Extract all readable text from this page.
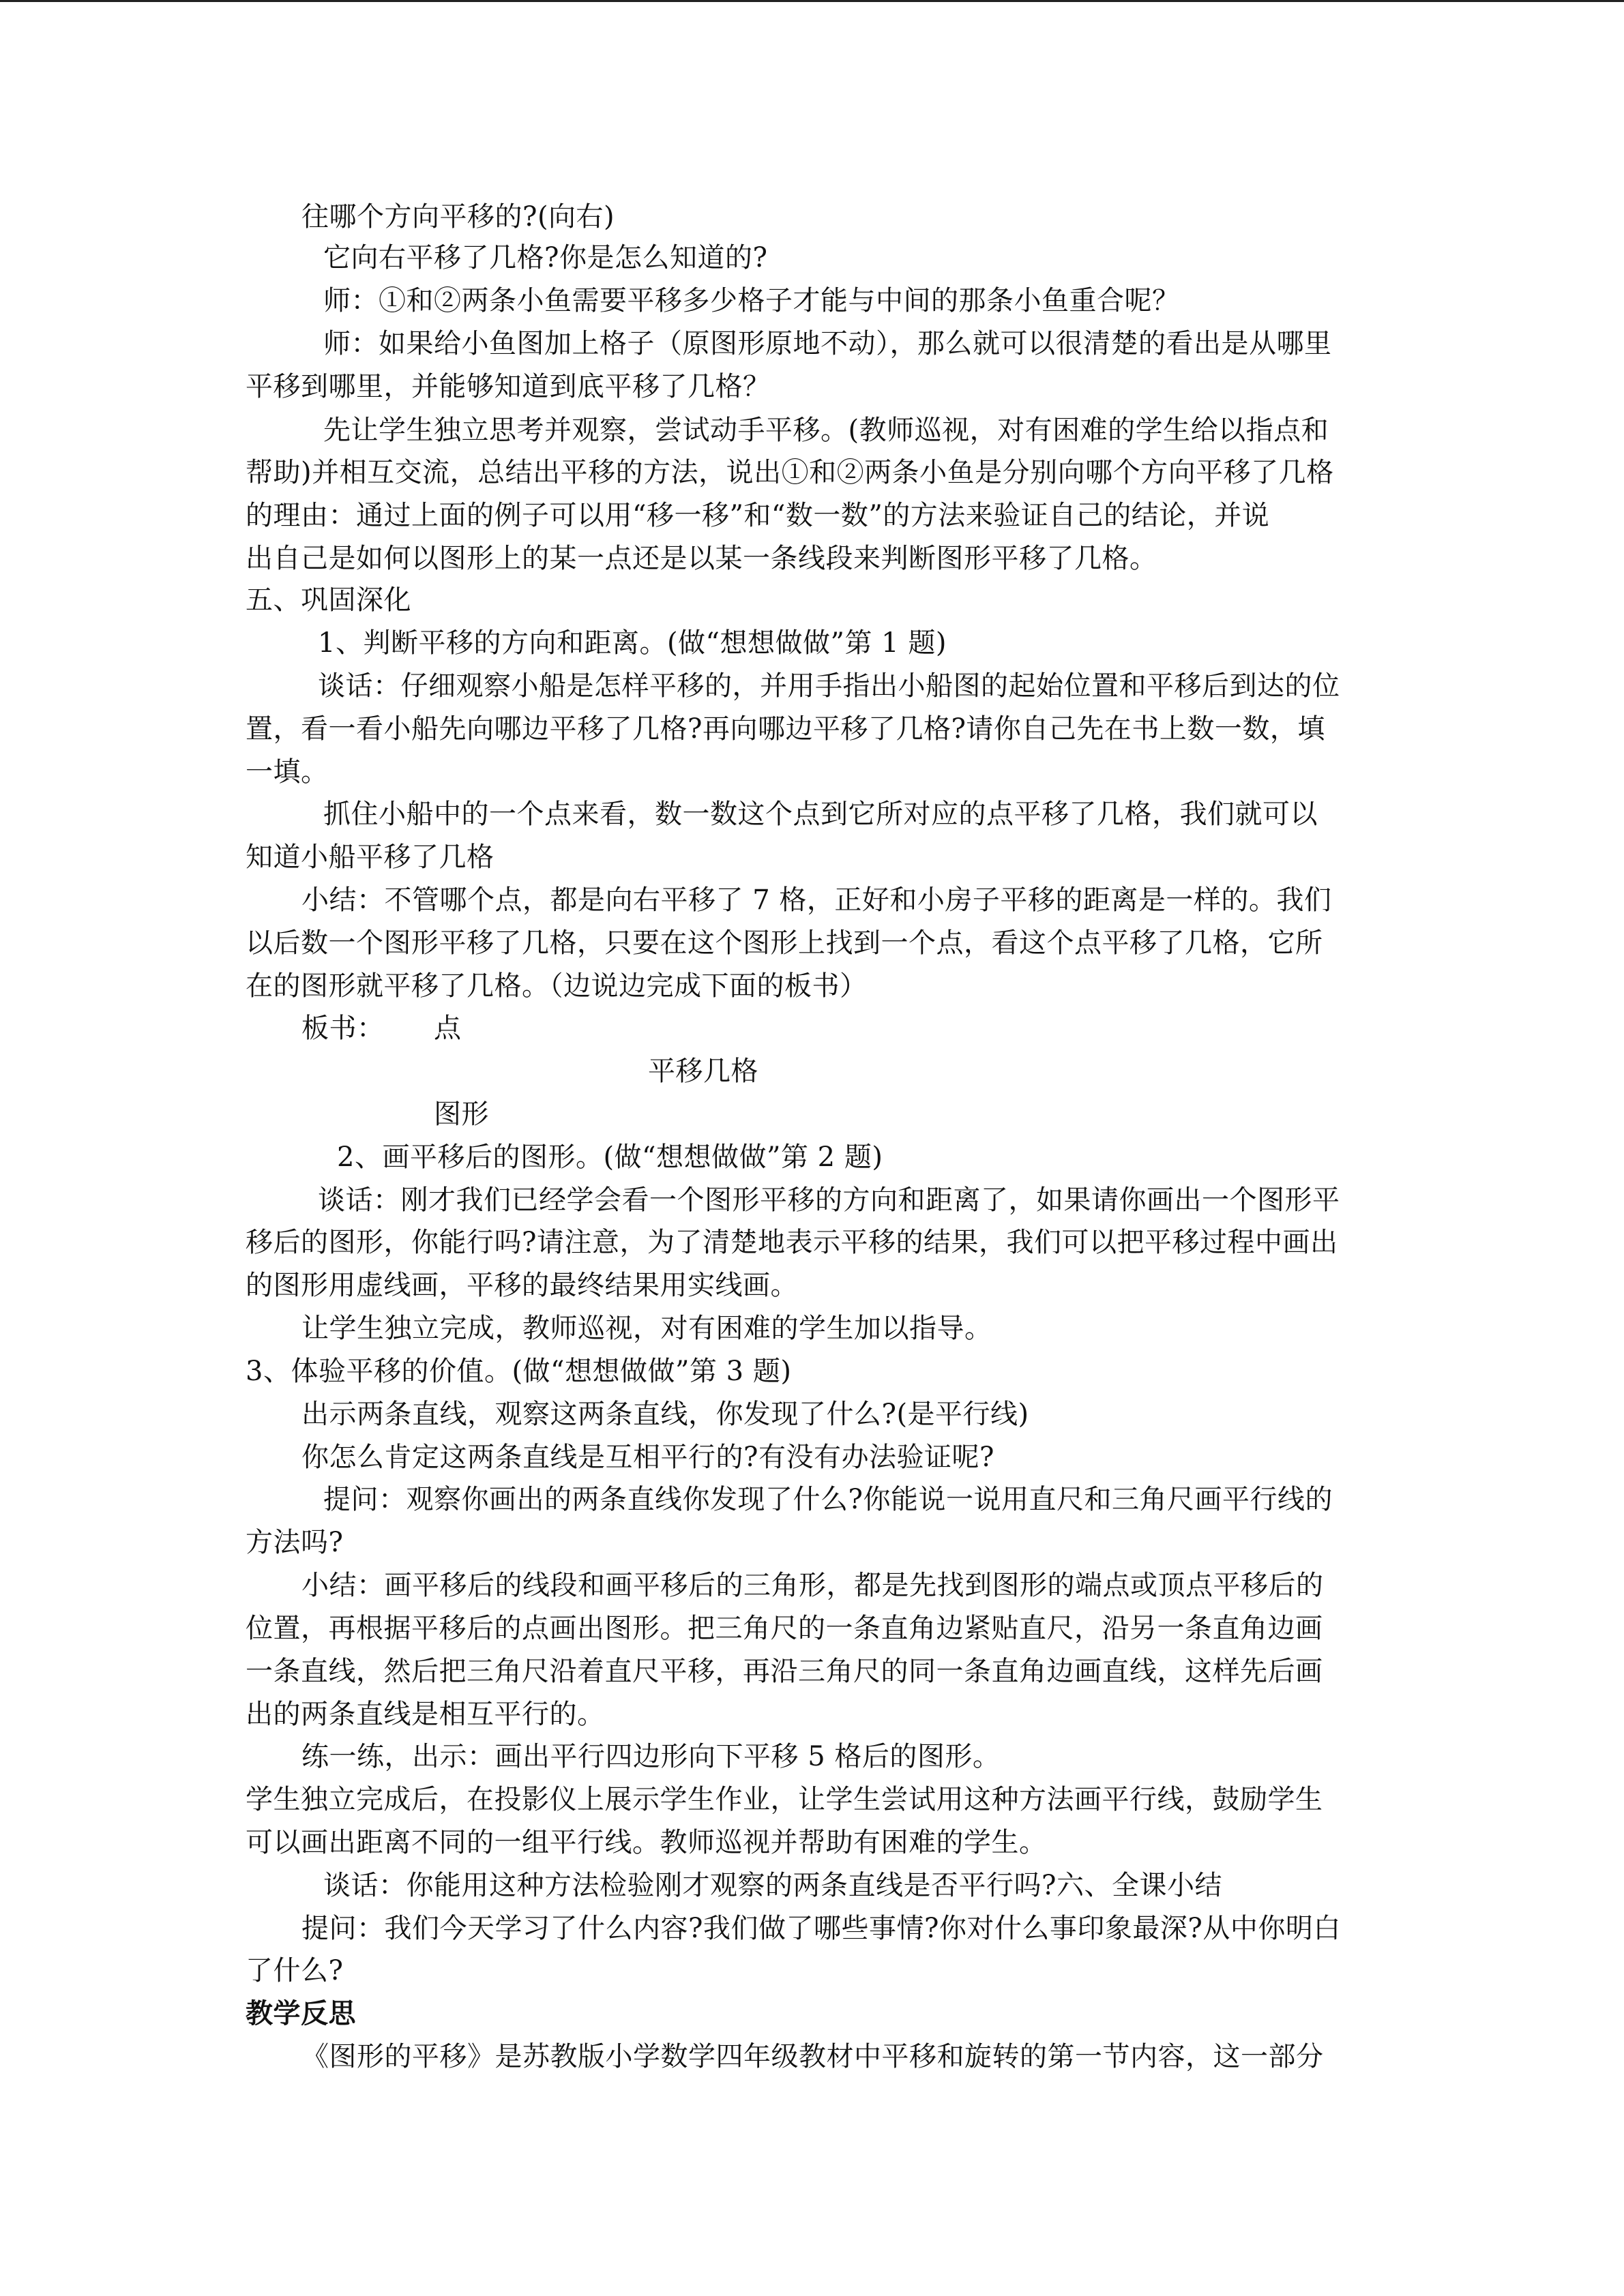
往哪个方向平移的?(向右)
它向右平移了几格?你是怎么知道的?
师：①和②两条小鱼需要平移多少格子才能与中间的那条小鱼重合呢？
师：如果给小鱼图加上格子（原图形原地不动），那么就可以很清楚的看出是从哪里
平移到哪里，并能够知道到底平移了几格？
先让学生独立思考并观察，尝试动手平移。(教师巡视，对有困难的学生给以指点和
帮助)并相互交流，总结出平移的方法，说出①和②两条小鱼是分别向哪个方向平移了几格
的理由：通过上面的例子可以用“移一移”和“数一数”的方法来验证自己的结论，并说
出自己是如何以图形上的某一点还是以某一条线段来判断图形平移了几格。
五、巩固深化
1、判断平移的方向和距离。(做“想想做做”第 1 题)
谈话：仔细观察小船是怎样平移的，并用手指出小船图的起始位置和平移后到达的位
置，看一看小船先向哪边平移了几格?再向哪边平移了几格?请你自己先在书上数一数，填
一填。
抓住小船中的一个点来看，数一数这个点到它所对应的点平移了几格，我们就可以
知道小船平移了几格
小结：不管哪个点，都是向右平移了 7 格，正好和小房子平移的距离是一样的。我们
以后数一个图形平移了几格，只要在这个图形上找到一个点，看这个点平移了几格，它所
在的图形就平移了几格。（边说边完成下面的板书）
板书： 点
平移几格
图形
2、画平移后的图形。(做“想想做做”第 2 题)
谈话：刚才我们已经学会看一个图形平移的方向和距离了，如果请你画出一个图形平
移后的图形，你能行吗?请注意，为了清楚地表示平移的结果，我们可以把平移过程中画出
的图形用虚线画，平移的最终结果用实线画。
让学生独立完成，教师巡视，对有困难的学生加以指导。
3、体验平移的价值。(做“想想做做”第 3 题)
出示两条直线，观察这两条直线，你发现了什么?(是平行线)
你怎么肯定这两条直线是互相平行的?有没有办法验证呢?
提问：观察你画出的两条直线你发现了什么?你能说一说用直尺和三角尺画平行线的
方法吗?
小结：画平移后的线段和画平移后的三角形，都是先找到图形的端点或顶点平移后的
位置，再根据平移后的点画出图形。把三角尺的一条直角边紧贴直尺，沿另一条直角边画
一条直线，然后把三角尺沿着直尺平移，再沿三角尺的同一条直角边画直线，这样先后画
出的两条直线是相互平行的。
练一练，出示：画出平行四边形向下平移 5 格后的图形。
学生独立完成后，在投影仪上展示学生作业，让学生尝试用这种方法画平行线，鼓励学生
可以画出距离不同的一组平行线。教师巡视并帮助有困难的学生。
谈话：你能用这种方法检验刚才观察的两条直线是否平行吗?六、全课小结
提问：我们今天学习了什么内容?我们做了哪些事情?你对什么事印象最深?从中你明白
了什么?
教学反思
《图形的平移》是苏教版小学数学四年级教材中平移和旋转的第一节内容，这一部分
